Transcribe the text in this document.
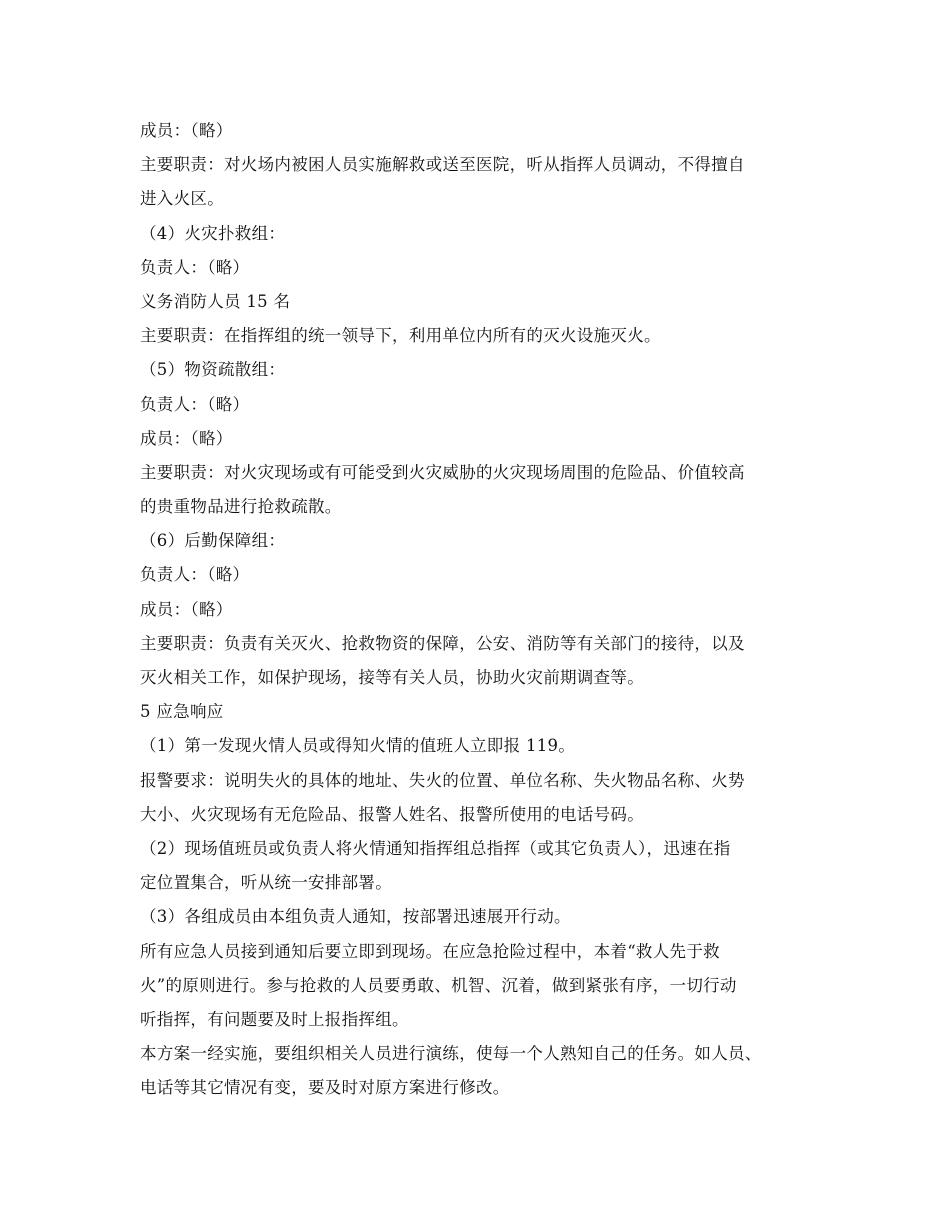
成员：（略）
主要职责：对火场内被困人员实施解救或送至医院，听从指挥人员调动，不得擅自
进入火区。
（4）火灾扑救组：
负责人：（略）
义务消防人员 15 名
主要职责：在指挥组的统一领导下，利用单位内所有的灭火设施灭火。
（5）物资疏散组：
负责人：（略）
成员：（略）
主要职责：对火灾现场或有可能受到火灾威胁的火灾现场周围的危险品、价值较高
的贵重物品进行抢救疏散。
（6）后勤保障组：
负责人：（略）
成员：（略）
主要职责：负责有关灭火、抢救物资的保障，公安、消防等有关部门的接待，以及
灭火相关工作，如保护现场，接等有关人员，协助火灾前期调查等。
5 应急响应
（1）第一发现火情人员或得知火情的值班人立即报 119。
报警要求：说明失火的具体的地址、失火的位置、单位名称、失火物品名称、火势
大小、火灾现场有无危险品、报警人姓名、报警所使用的电话号码。
（2）现场值班员或负责人将火情通知指挥组总指挥（或其它负责人），迅速在指
定位置集合，听从统一安排部署。
（3）各组成员由本组负责人通知，按部署迅速展开行动。
所有应急人员接到通知后要立即到现场。在应急抢险过程中，本着“救人先于救
火”的原则进行。参与抢救的人员要勇敢、机智、沉着，做到紧张有序，一切行动
听指挥，有问题要及时上报指挥组。
本方案一经实施，要组织相关人员进行演练，使每一个人熟知自己的任务。如人员、
电话等其它情况有变，要及时对原方案进行修改。
